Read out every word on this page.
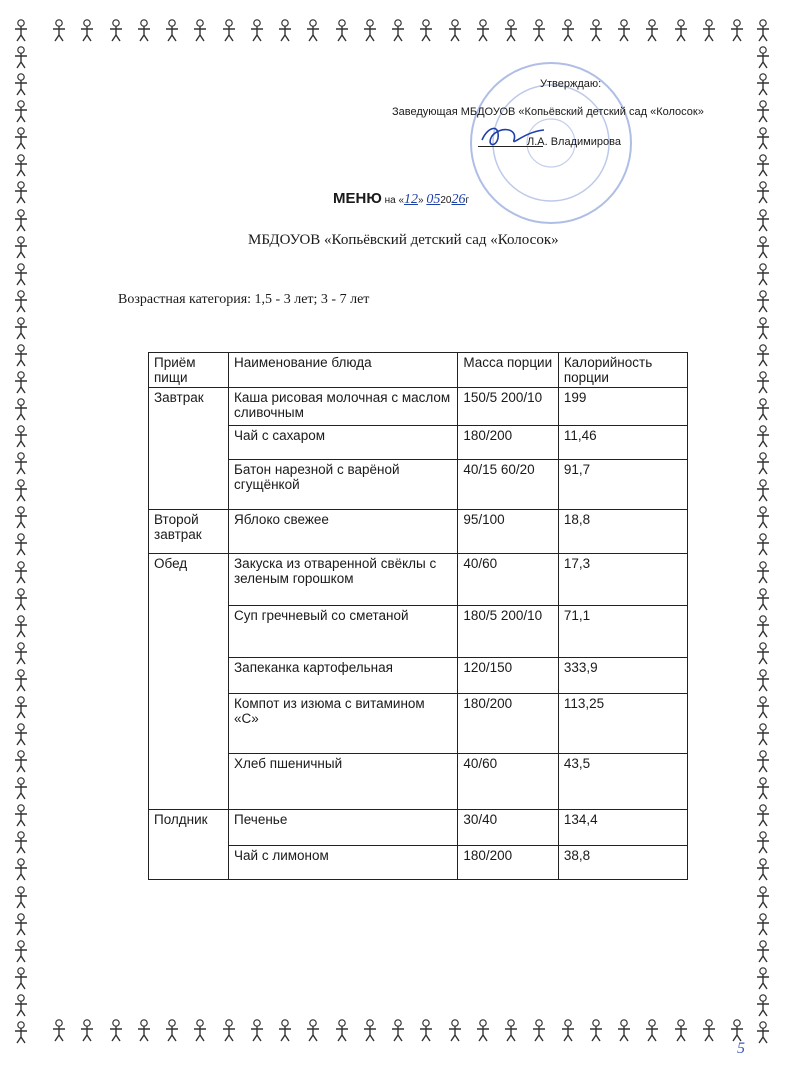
Утверждаю:
Заведующая МБДОУОВ «Копьёвский детский сад «Колосок»
Л.А. Владимирова
МЕНЮ на «12» 052026г
МБДОУОВ «Копьёвский детский сад «Колосок»
Возрастная категория: 1,5 - 3 лет; 3 - 7 лет
Приём пищи	Наименование блюда	Масса порции	Калорийность порции
Завтрак	Каша рисовая молочная с маслом сливочным	150/5 200/10	199
	Чай с сахаром	180/200	11,46
	Батон нарезной с варёной сгущёнкой	40/15 60/20	91,7
Второй завтрак	Яблоко свежее	95/100	18,8
Обед	Закуска из отваренной свёклы с зеленым горошком	40/60	17,3
	Суп гречневый со сметаной	180/5 200/10	71,1
	Запеканка картофельная	120/150	333,9
	Компот из изюма с витамином «С»	180/200	113,25
	Хлеб пшеничный	40/60	43,5
Полдник	Печенье	30/40	134,4
	Чай с лимоном	180/200	38,8
5
